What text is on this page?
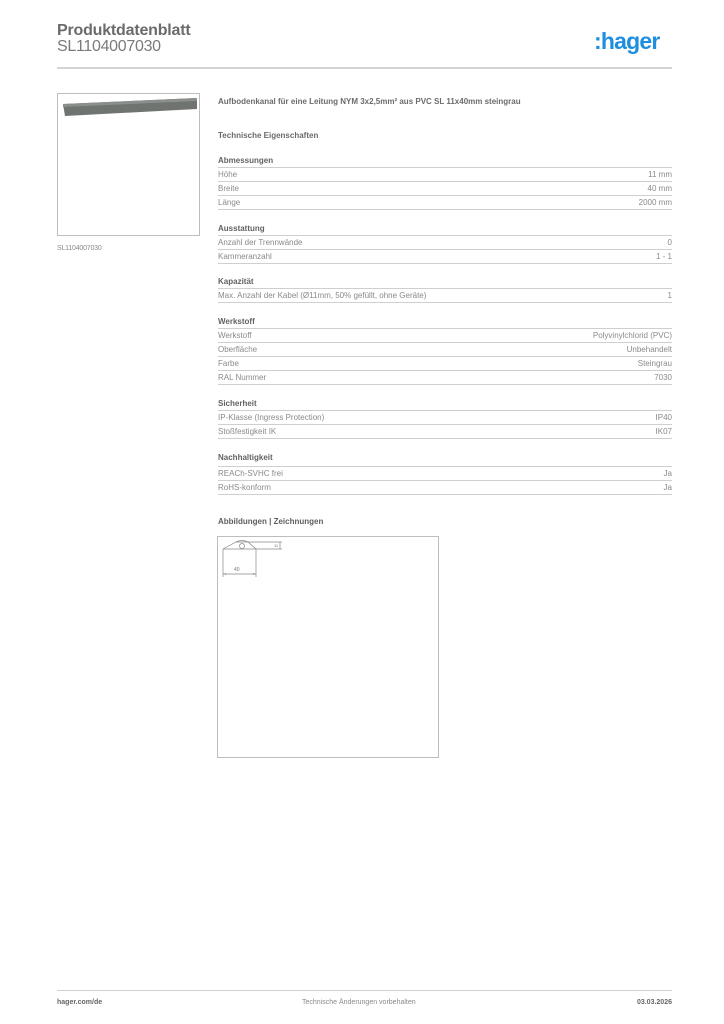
Produktdatenblatt
SL1104007030	:hager
SL1104007030
Aufbodenkanal für eine Leitung NYM 3x2,5mm² aus PVC SL 11x40mm steingrau
Technische Eigenschaften
Abmessungen
Höhe	11 mm
Breite	40 mm
Länge	2000 mm
Ausstattung
Anzahl der Trennwände	0
Kammeranzahl	1 - 1
Kapazität
Max. Anzahl der Kabel (Ø11mm, 50% gefüllt, ohne Geräte)	1
Werkstoff
Werkstoff	Polyvinylchlorid (PVC)
Oberfläche	Unbehandelt
Farbe	Steingrau
RAL Nummer	7030
Sicherheit
IP-Klasse (Ingress Protection)	IP40
Stoßfestigkeit IK	IK07
Nachhaltigkeit
REACh-SVHC frei	Ja
RoHS-konform	Ja
Abbildungen | Zeichnungen
40
11
hager.com/de	Technische Änderungen vorbehalten	03.03.2026
